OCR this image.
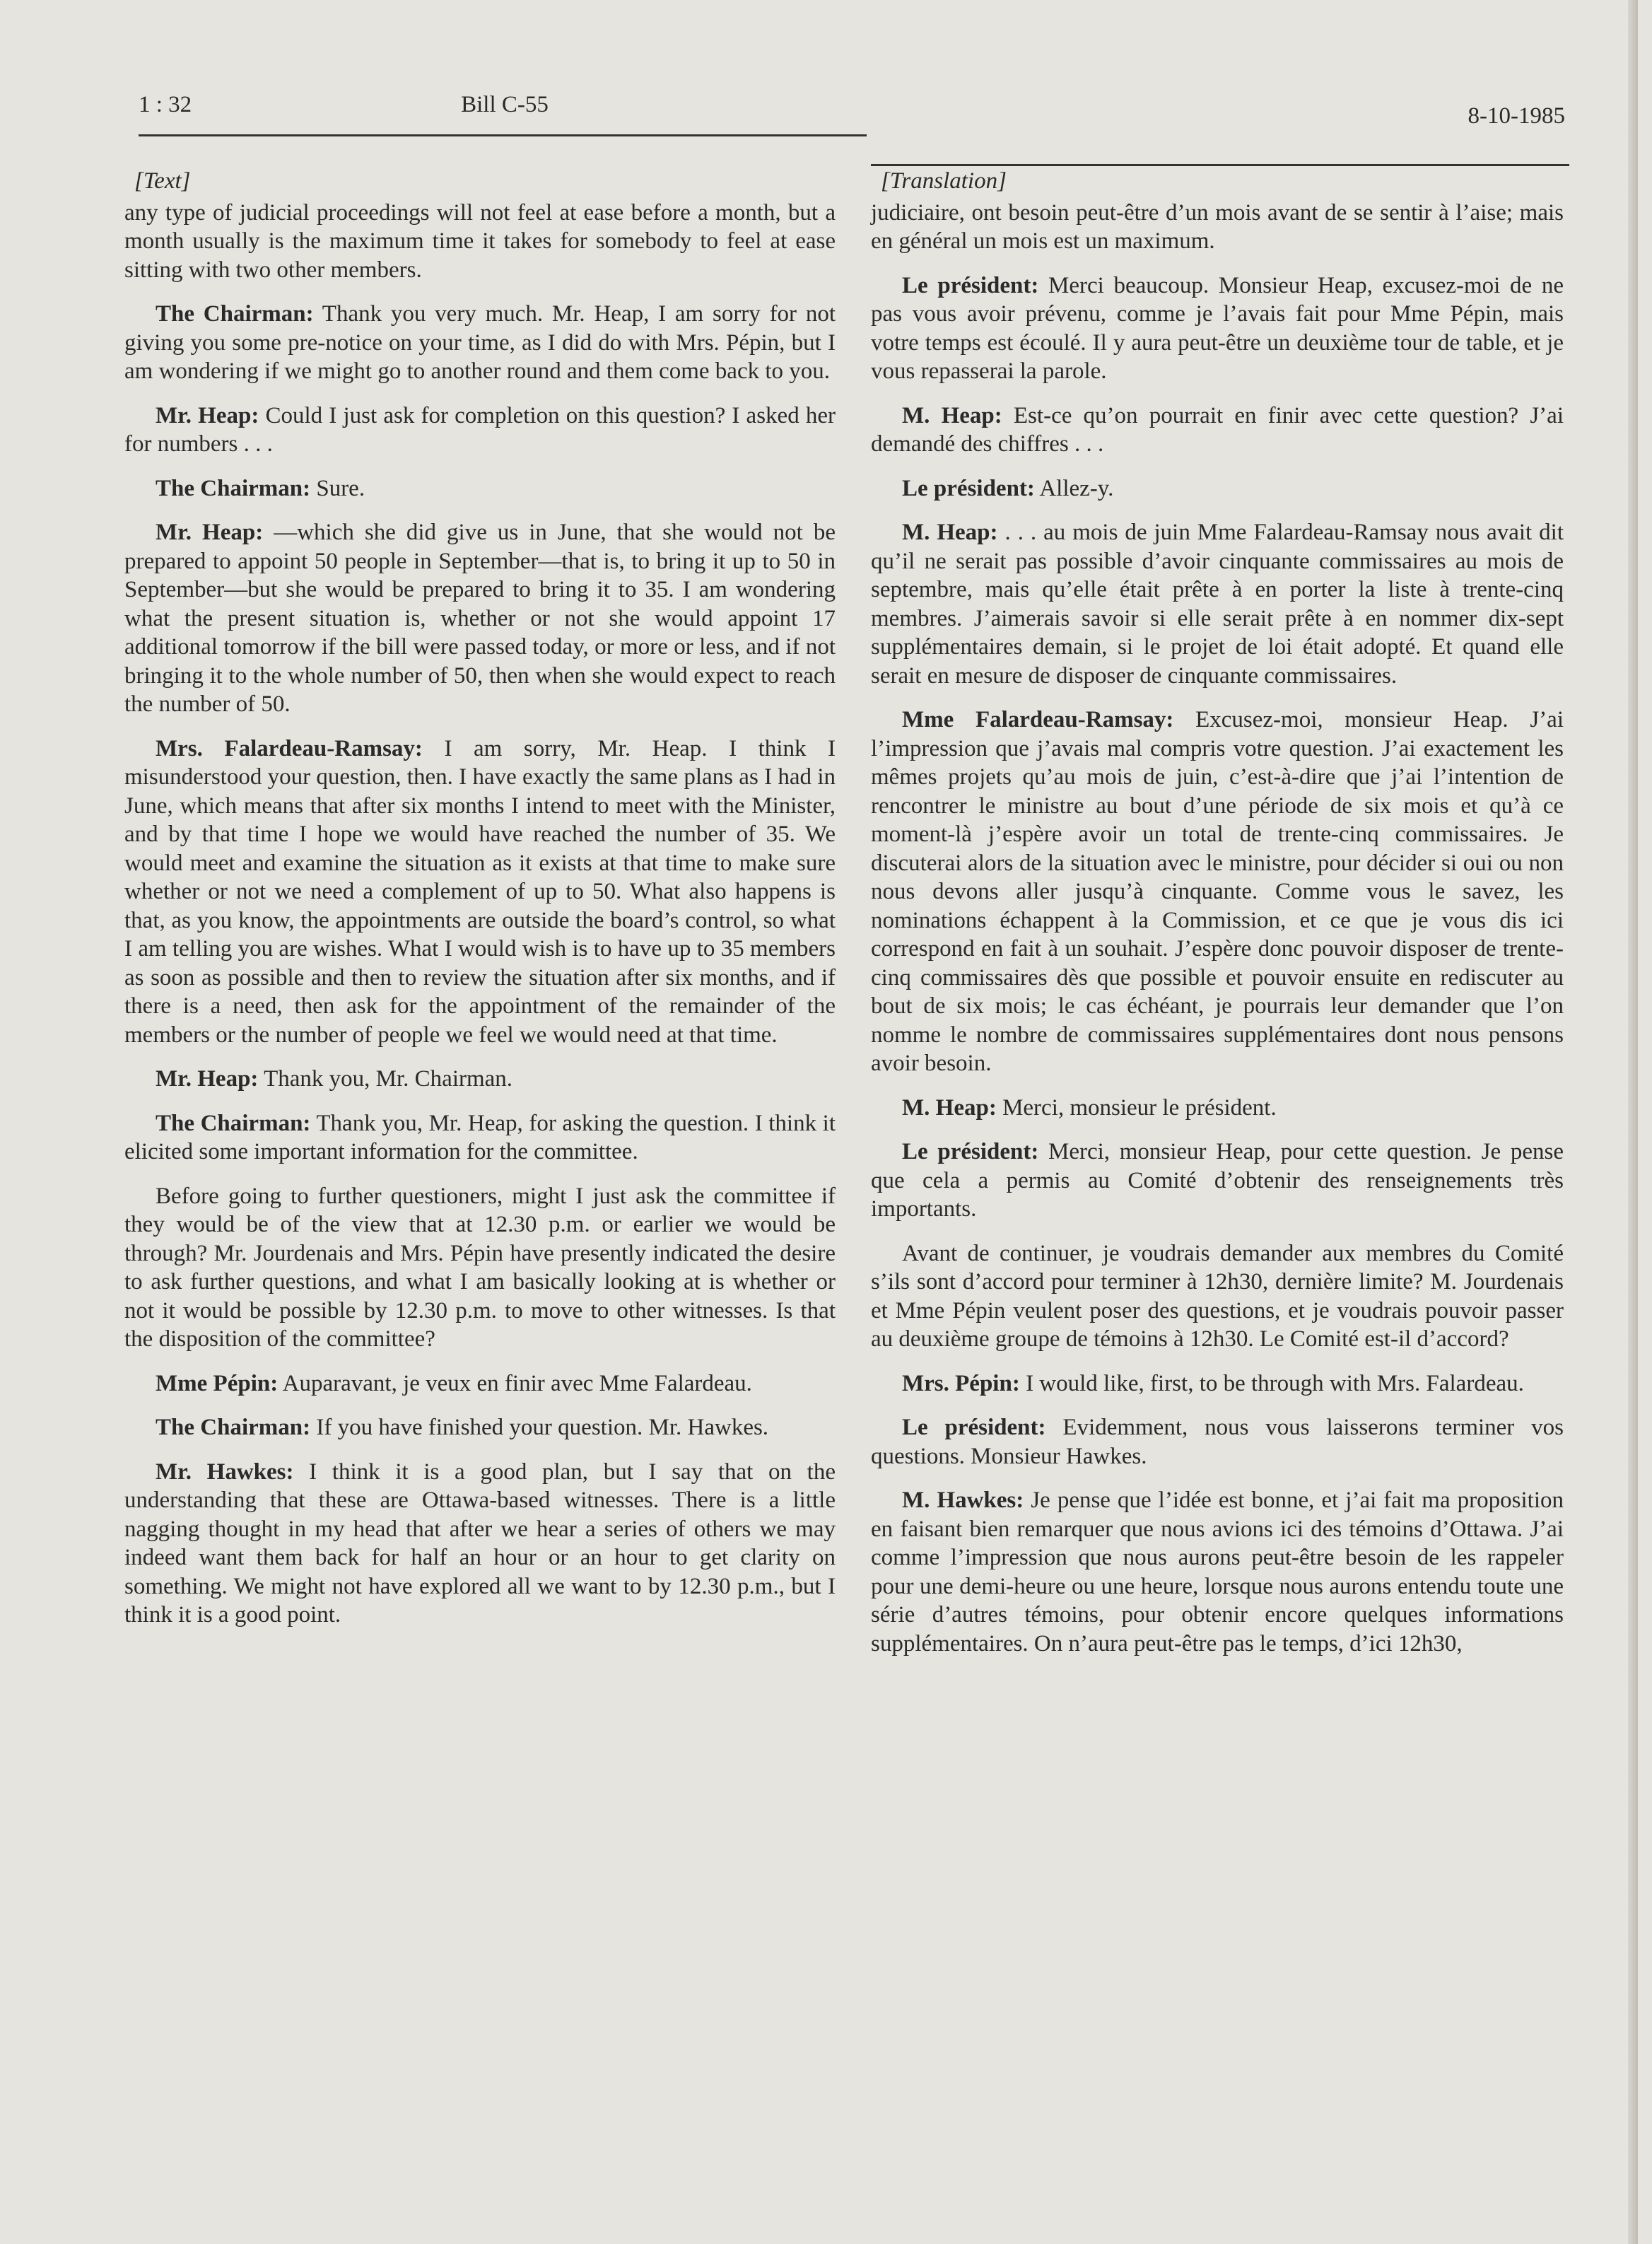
1 : 32	Bill C-55	8-10-1985
[Text]

any type of judicial proceedings will not feel at ease before a month, but a month usually is the maximum time it takes for somebody to feel at ease sitting with two other members.

The Chairman: Thank you very much. Mr. Heap, I am sorry for not giving you some pre-notice on your time, as I did do with Mrs. Pépin, but I am wondering if we might go to another round and them come back to you.

Mr. Heap: Could I just ask for completion on this question? I asked her for numbers . . .

The Chairman: Sure.

Mr. Heap: —which she did give us in June, that she would not be prepared to appoint 50 people in September—that is, to bring it up to 50 in September—but she would be prepared to bring it to 35. I am wondering what the present situation is, whether or not she would appoint 17 additional tomorrow if the bill were passed today, or more or less, and if not bringing it to the whole number of 50, then when she would expect to reach the number of 50.

Mrs. Falardeau-Ramsay: I am sorry, Mr. Heap. I think I misunderstood your question, then. I have exactly the same plans as I had in June, which means that after six months I intend to meet with the Minister, and by that time I hope we would have reached the number of 35. We would meet and examine the situation as it exists at that time to make sure whether or not we need a complement of up to 50. What also happens is that, as you know, the appointments are outside the board’s control, so what I am telling you are wishes. What I would wish is to have up to 35 members as soon as possible and then to review the situation after six months, and if there is a need, then ask for the appointment of the remainder of the members or the number of people we feel we would need at that time.

Mr. Heap: Thank you, Mr. Chairman.

The Chairman: Thank you, Mr. Heap, for asking the question. I think it elicited some important information for the committee.

Before going to further questioners, might I just ask the committee if they would be of the view that at 12.30 p.m. or earlier we would be through? Mr. Jourdenais and Mrs. Pépin have presently indicated the desire to ask further questions, and what I am basically looking at is whether or not it would be possible by 12.30 p.m. to move to other witnesses. Is that the disposition of the committee?

Mme Pépin: Auparavant, je veux en finir avec Mme Falardeau.

The Chairman: If you have finished your question. Mr. Hawkes.

Mr. Hawkes: I think it is a good plan, but I say that on the understanding that these are Ottawa-based witnesses. There is a little nagging thought in my head that after we hear a series of others we may indeed want them back for half an hour or an hour to get clarity on something. We might not have explored all we want to by 12.30 p.m., but I think it is a good point.

[Translation]

judiciaire, ont besoin peut-être d’un mois avant de se sentir à l’aise; mais en général un mois est un maximum.

Le président: Merci beaucoup. Monsieur Heap, excusez-moi de ne pas vous avoir prévenu, comme je l’avais fait pour Mme Pépin, mais votre temps est écoulé. Il y aura peut-être un deuxième tour de table, et je vous repasserai la parole.

M. Heap: Est-ce qu’on pourrait en finir avec cette question? J’ai demandé des chiffres . . .

Le président: Allez-y.

M. Heap: . . . au mois de juin Mme Falardeau-Ramsay nous avait dit qu’il ne serait pas possible d’avoir cinquante commissaires au mois de septembre, mais qu’elle était prête à en porter la liste à trente-cinq membres. J’aimerais savoir si elle serait prête à en nommer dix-sept supplémentaires demain, si le projet de loi était adopté. Et quand elle serait en mesure de disposer de cinquante commissaires.

Mme Falardeau-Ramsay: Excusez-moi, monsieur Heap. J’ai l’impression que j’avais mal compris votre question. J’ai exactement les mêmes projets qu’au mois de juin, c’est-à-dire que j’ai l’intention de rencontrer le ministre au bout d’une période de six mois et qu’à ce moment-là j’espère avoir un total de trente-cinq commissaires. Je discuterai alors de la situation avec le ministre, pour décider si oui ou non nous devons aller jusqu’à cinquante. Comme vous le savez, les nominations échappent à la Commission, et ce que je vous dis ici correspond en fait à un souhait. J’espère donc pouvoir disposer de trente-cinq commissaires dès que possible et pouvoir ensuite en rediscuter au bout de six mois; le cas échéant, je pourrais leur demander que l’on nomme le nombre de commissaires supplémentaires dont nous pensons avoir besoin.

M. Heap: Merci, monsieur le président.

Le président: Merci, monsieur Heap, pour cette question. Je pense que cela a permis au Comité d’obtenir des renseignements très importants.

Avant de continuer, je voudrais demander aux membres du Comité s’ils sont d’accord pour terminer à 12h30, dernière limite? M. Jourdenais et Mme Pépin veulent poser des questions, et je voudrais pouvoir passer au deuxième groupe de témoins à 12h30. Le Comité est-il d’accord?

Mrs. Pépin: I would like, first, to be through with Mrs. Falardeau.

Le président: Evidemment, nous vous laisserons terminer vos questions. Monsieur Hawkes.

M. Hawkes: Je pense que l’idée est bonne, et j’ai fait ma proposition en faisant bien remarquer que nous avions ici des témoins d’Ottawa. J’ai comme l’impression que nous aurons peut-être besoin de les rappeler pour une demi-heure ou une heure, lorsque nous aurons entendu toute une série d’autres témoins, pour obtenir encore quelques informations supplémentaires. On n’aura peut-être pas le temps, d’ici 12h30,
